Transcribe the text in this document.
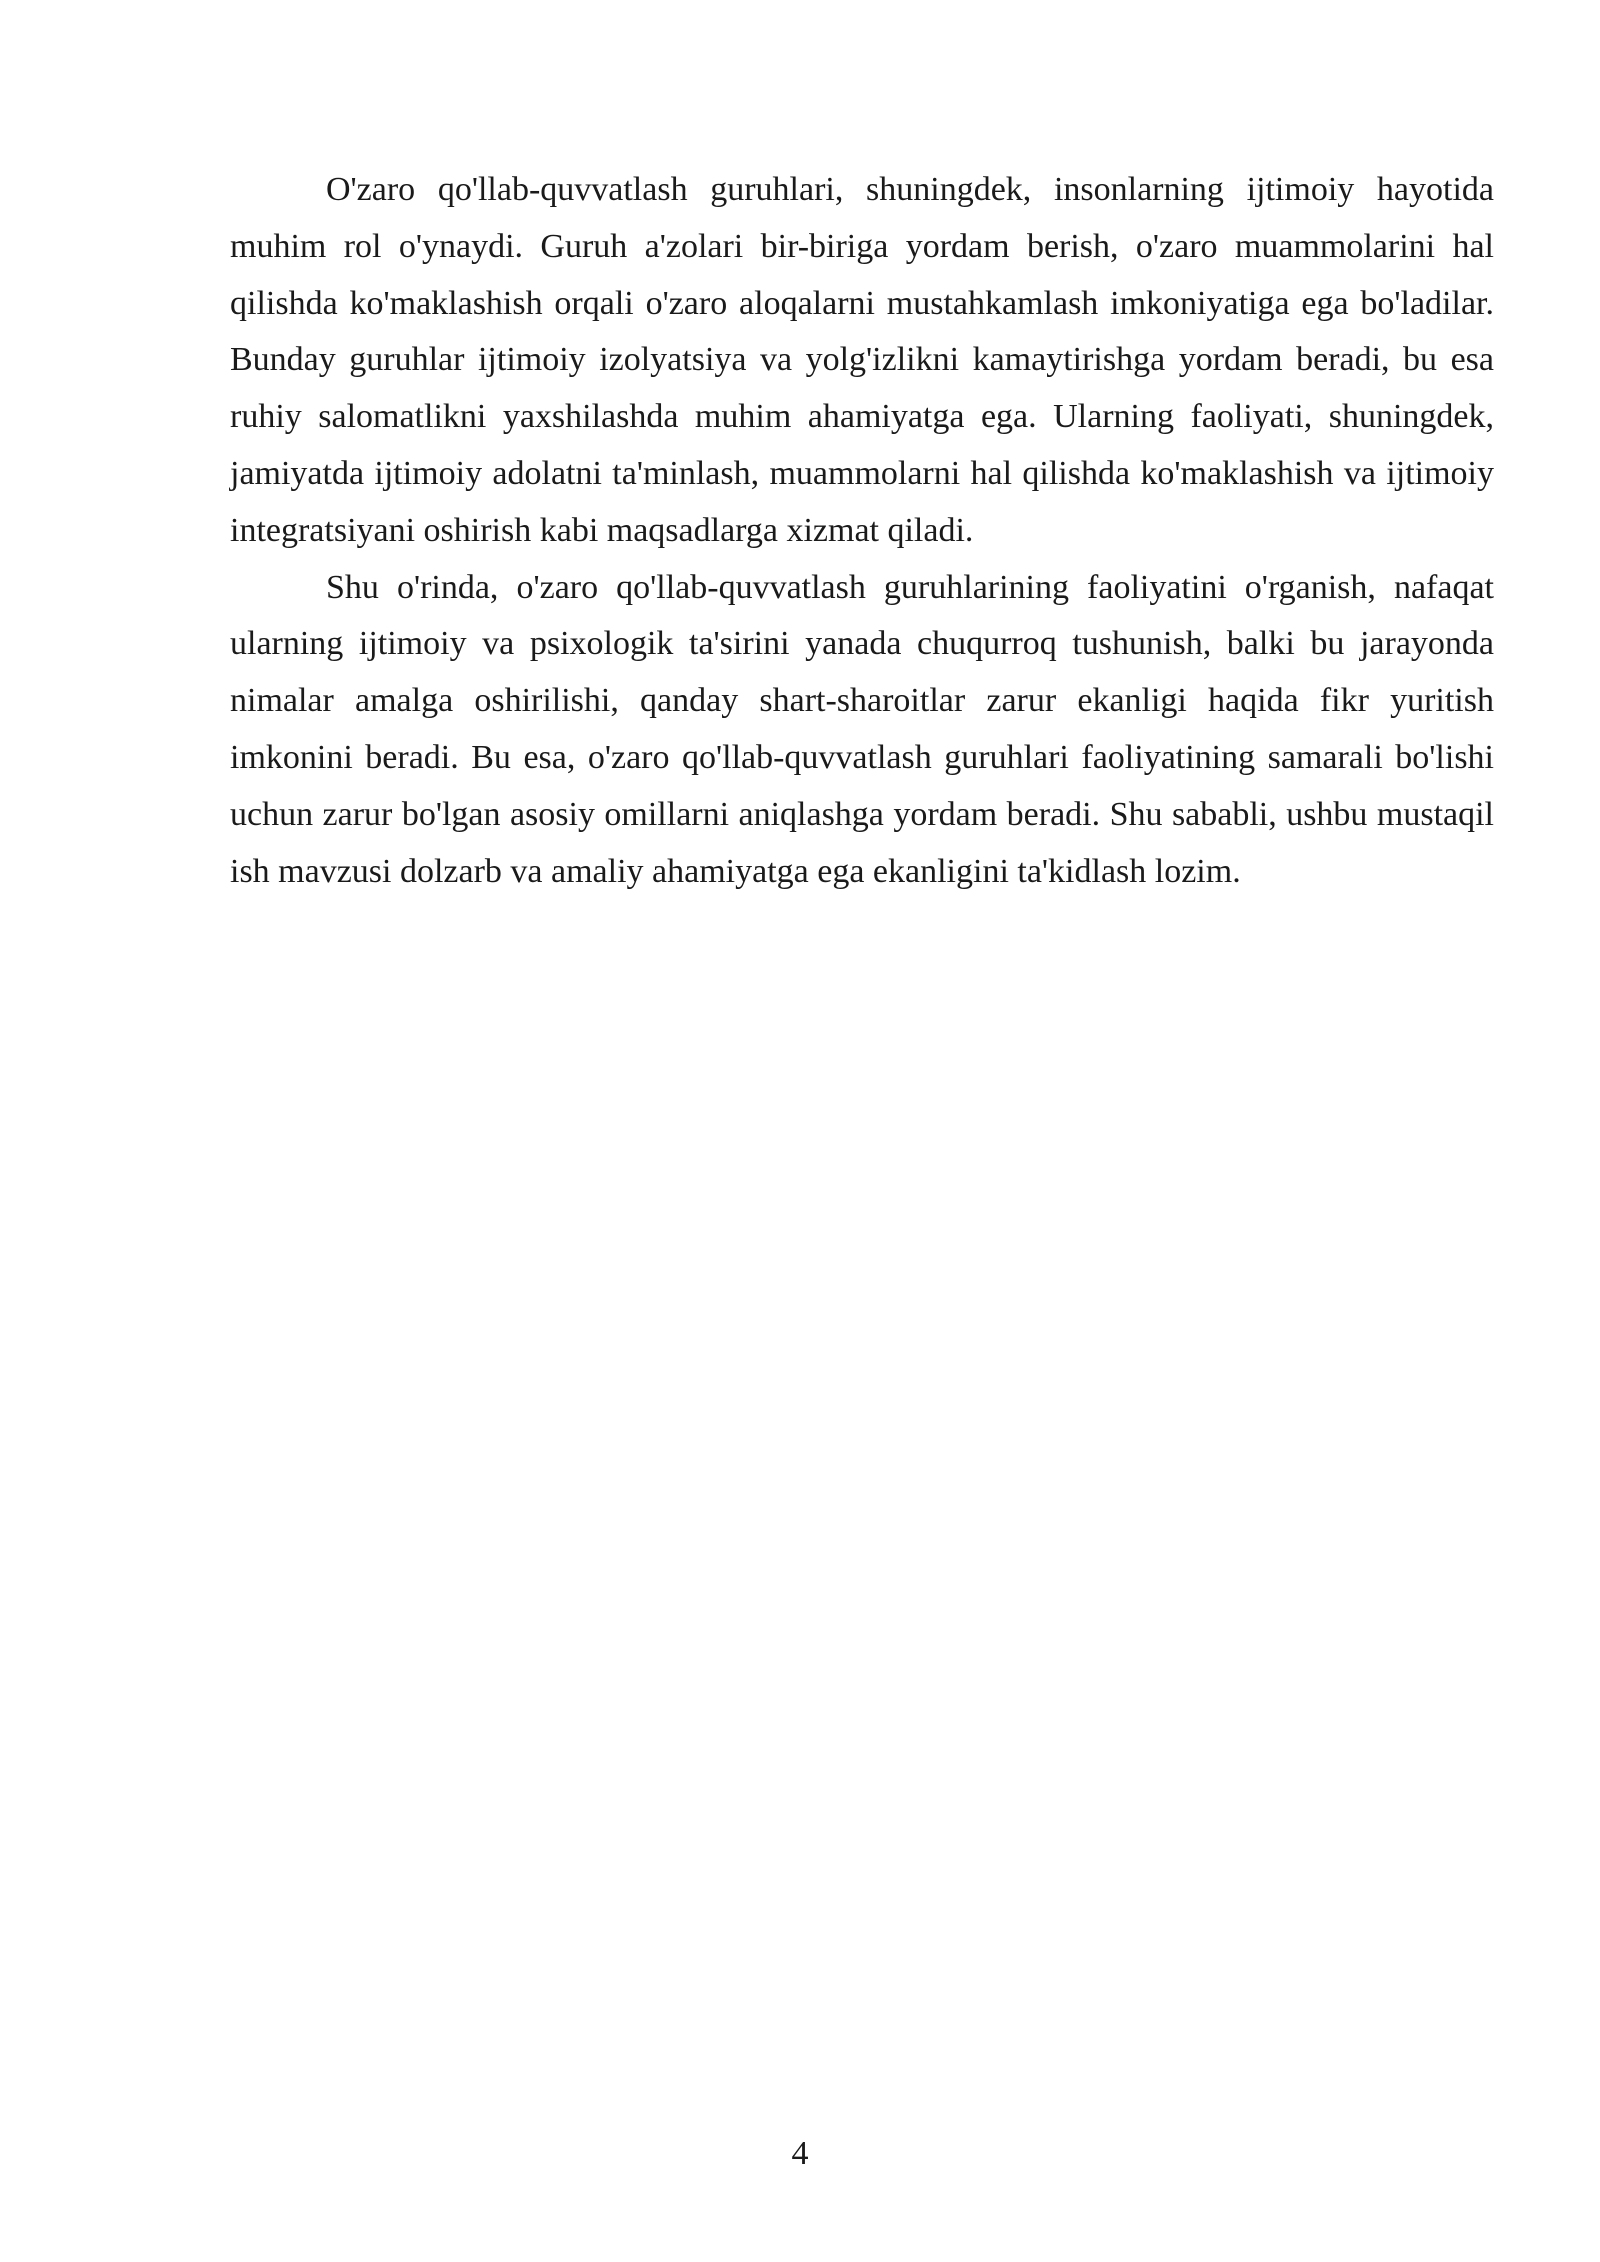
O'zaro qo'llab-quvvatlash guruhlari, shuningdek, insonlarning ijtimoiy hayotida muhim rol o'ynaydi. Guruh a'zolari bir-biriga yordam berish, o'zaro muammolarini hal qilishda ko'maklashish orqali o'zaro aloqalarni mustahkamlash imkoniyatiga ega bo'ladilar. Bunday guruhlar ijtimoiy izolyatsiya va yolg'izlikni kamaytirishga yordam beradi, bu esa ruhiy salomatlikni yaxshilashda muhim ahamiyatga ega. Ularning faoliyati, shuningdek, jamiyatda ijtimoiy adolatni ta'minlash, muammolarni hal qilishda ko'maklashish va ijtimoiy integratsiyani oshirish kabi maqsadlarga xizmat qiladi.

Shu o'rinda, o'zaro qo'llab-quvvatlash guruhlarining faoliyatini o'rganish, nafaqat ularning ijtimoiy va psixologik ta'sirini yanada chuqurroq tushunish, balki bu jarayonda nimalar amalga oshirilishi, qanday shart-sharoitlar zarur ekanligi haqida fikr yuritish imkonini beradi. Bu esa, o'zaro qo'llab-quvvatlash guruhlari faoliyatining samarali bo'lishi uchun zarur bo'lgan asosiy omillarni aniqlashga yordam beradi. Shu sababli, ushbu mustaqil ish mavzusi dolzarb va amaliy ahamiyatga ega ekanligini ta'kidlash lozim.

4
